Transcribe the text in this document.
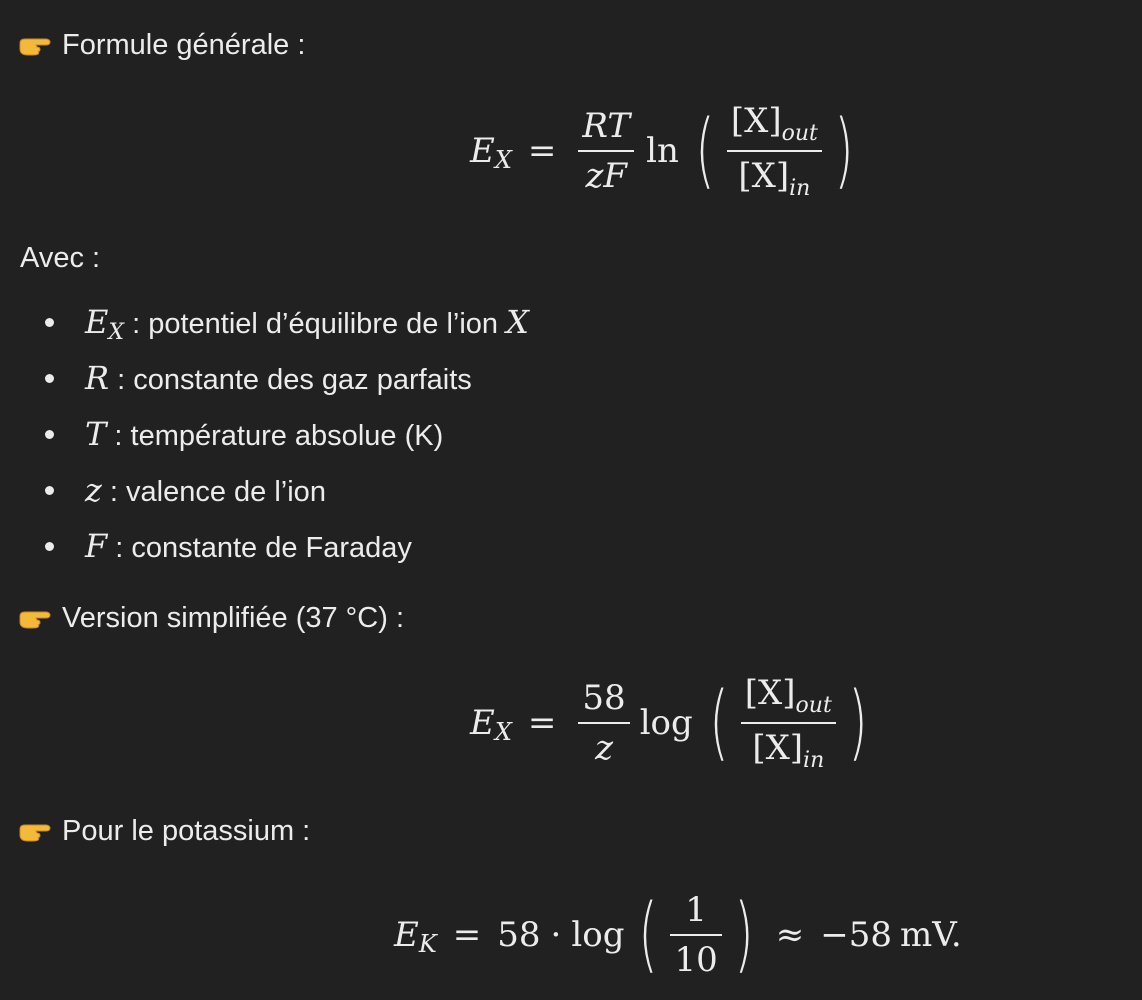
Formule générale :
E $X = \frac{RT}{zF}$ ln ( $\frac{\text{[X] out}}{[X] in}$ )
Avec :
$E_X$ : potentiel d’équilibre de l’ion X
R : constante des gaz parfaits
T : température absolue (K)
z : valence de l’ion
F : constante de Faraday
Version simplifiée (37 °C) :
E $X = \frac{58}{z}$ log ( $\frac{\text{[X] out}}{[X] in}$ )
Pour le potassium :
E K = 58 · log ( $\frac{1}{10}$ ) ≈ −58 mV.
